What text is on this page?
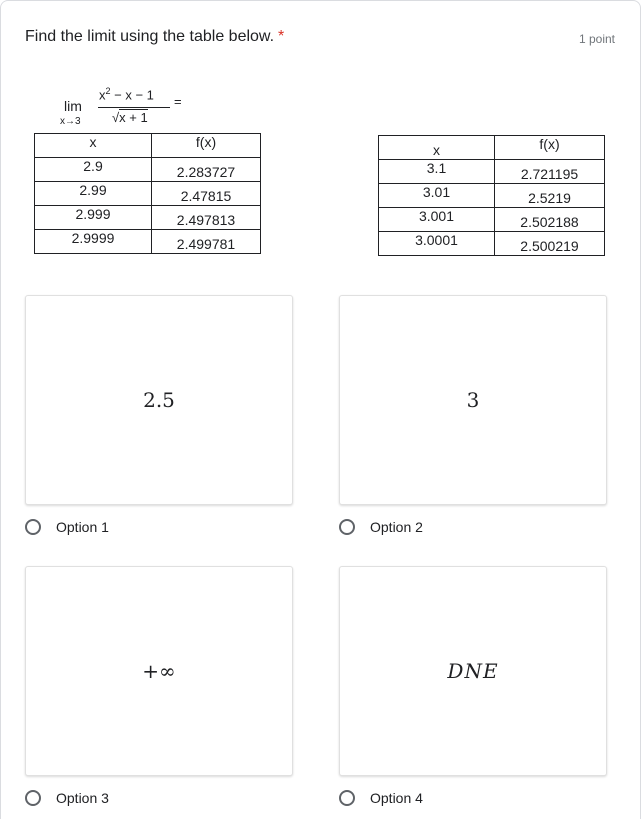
Find the limit using the table below. *	1 point
lim
x→3
$x^2 - x - 1$
√x + 1
=
x	f(x)
2.9	2.283727
2.99	2.47815
2.999	2.497813
2.9999	2.499781
x	f(x)
3.1	2.721195
3.01	2.5219
3.001	2.502188
3.0001	2.500219
2.5
Option 1
3
Option 2
+∞
Option 3
DNE
Option 4
